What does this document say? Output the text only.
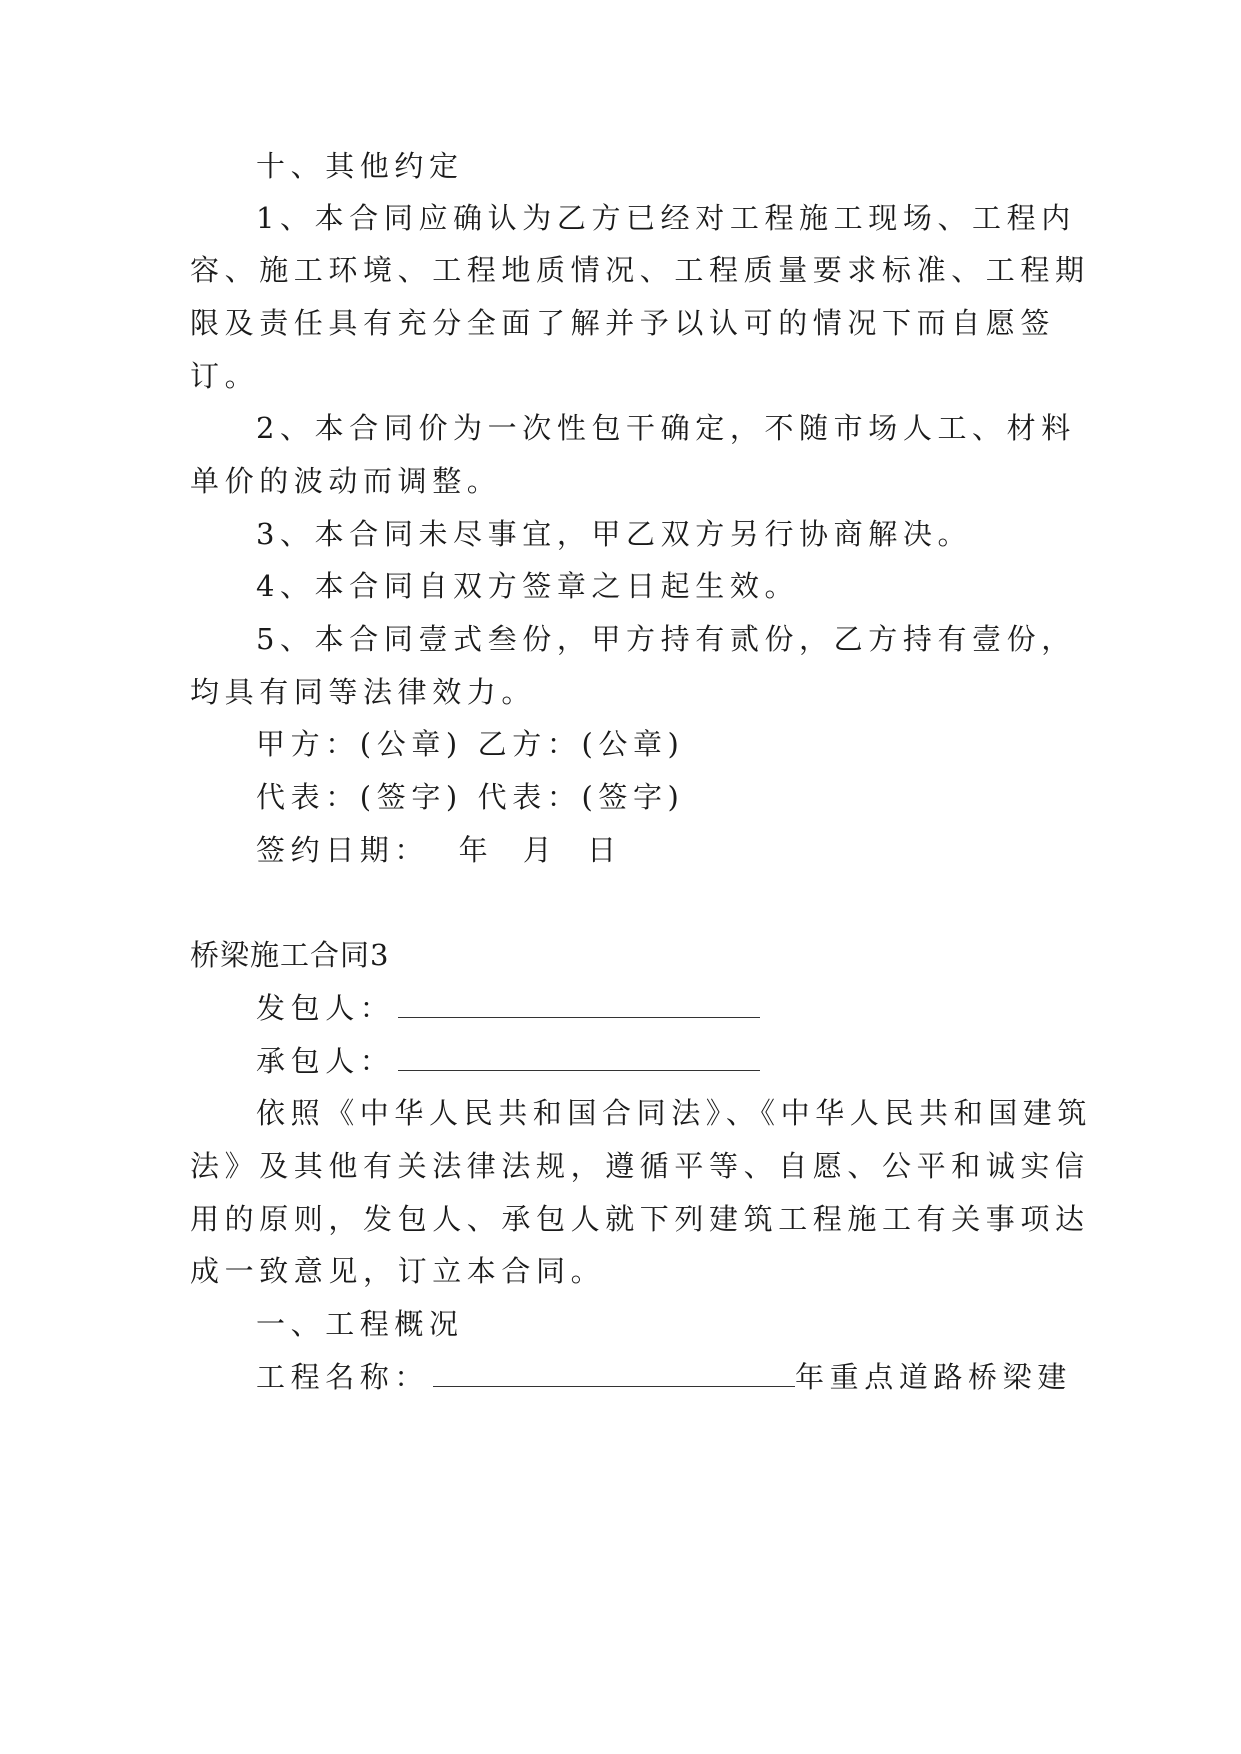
十、其他约定
1、本合同应确认为乙方已经对工程施工现场、工程内
容、施工环境、工程地质情况、工程质量要求标准、工程期
限及责任具有充分全面了解并予以认可的情况下而自愿签
订。
2、本合同价为一次性包干确定，不随市场人工、材料
单价的波动而调整。
3、本合同未尽事宜，甲乙双方另行协商解决。
4、本合同自双方签章之日起生效。
5、本合同壹式叁份，甲方持有贰份，乙方持有壹份，
均具有同等法律效力。
甲方：(公章) 乙方：(公章)
代表：(签字) 代表：(签字)
签约日期：  年  月  日
桥梁施工合同3
发包人：
承包人：
依照《中华人民共和国合同法》、《中华人民共和国建筑
法》及其他有关法律法规，遵循平等、自愿、公平和诚实信
用的原则，发包人、承包人就下列建筑工程施工有关事项达
成一致意见，订立本合同。
一、工程概况
工程名称：	年重点道路桥梁建
